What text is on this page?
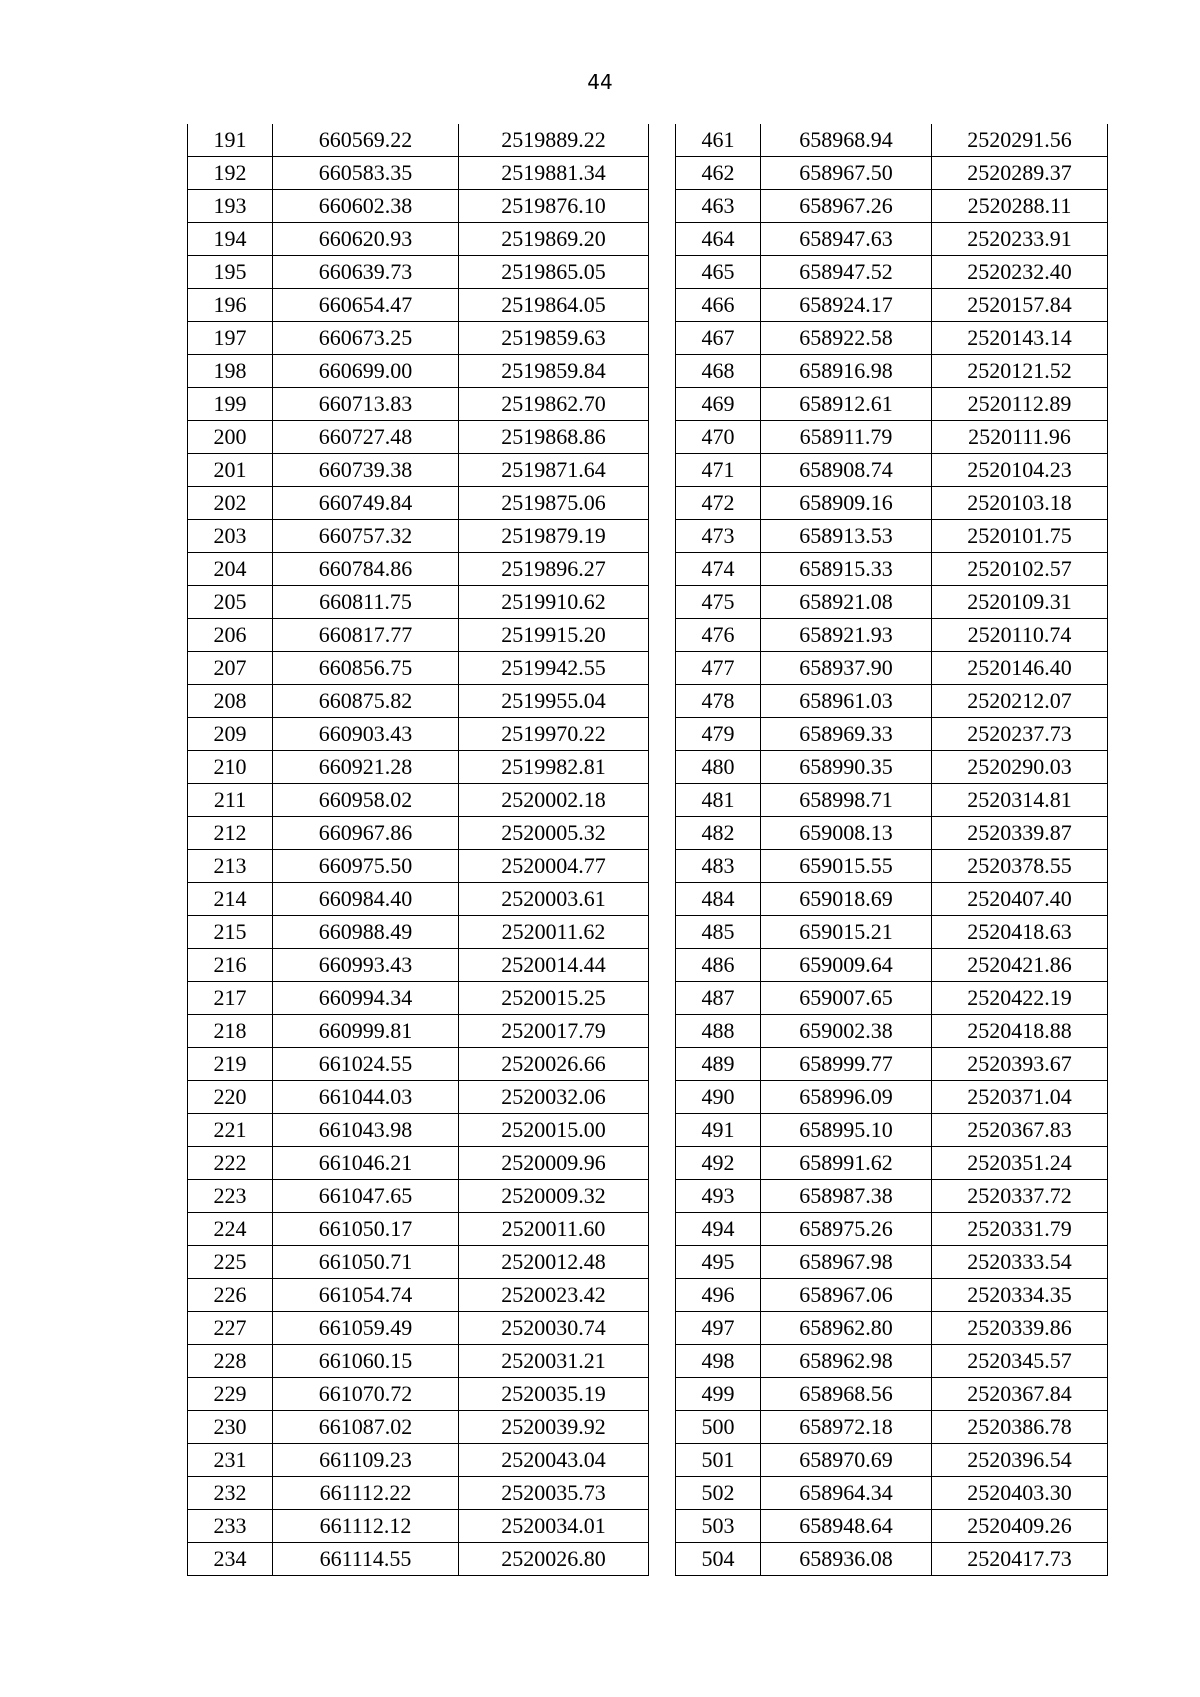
44
191	660569.22	2519889.22
192	660583.35	2519881.34
193	660602.38	2519876.10
194	660620.93	2519869.20
195	660639.73	2519865.05
196	660654.47	2519864.05
197	660673.25	2519859.63
198	660699.00	2519859.84
199	660713.83	2519862.70
200	660727.48	2519868.86
201	660739.38	2519871.64
202	660749.84	2519875.06
203	660757.32	2519879.19
204	660784.86	2519896.27
205	660811.75	2519910.62
206	660817.77	2519915.20
207	660856.75	2519942.55
208	660875.82	2519955.04
209	660903.43	2519970.22
210	660921.28	2519982.81
211	660958.02	2520002.18
212	660967.86	2520005.32
213	660975.50	2520004.77
214	660984.40	2520003.61
215	660988.49	2520011.62
216	660993.43	2520014.44
217	660994.34	2520015.25
218	660999.81	2520017.79
219	661024.55	2520026.66
220	661044.03	2520032.06
221	661043.98	2520015.00
222	661046.21	2520009.96
223	661047.65	2520009.32
224	661050.17	2520011.60
225	661050.71	2520012.48
226	661054.74	2520023.42
227	661059.49	2520030.74
228	661060.15	2520031.21
229	661070.72	2520035.19
230	661087.02	2520039.92
231	661109.23	2520043.04
232	661112.22	2520035.73
233	661112.12	2520034.01
234	661114.55	2520026.80
461	658968.94	2520291.56
462	658967.50	2520289.37
463	658967.26	2520288.11
464	658947.63	2520233.91
465	658947.52	2520232.40
466	658924.17	2520157.84
467	658922.58	2520143.14
468	658916.98	2520121.52
469	658912.61	2520112.89
470	658911.79	2520111.96
471	658908.74	2520104.23
472	658909.16	2520103.18
473	658913.53	2520101.75
474	658915.33	2520102.57
475	658921.08	2520109.31
476	658921.93	2520110.74
477	658937.90	2520146.40
478	658961.03	2520212.07
479	658969.33	2520237.73
480	658990.35	2520290.03
481	658998.71	2520314.81
482	659008.13	2520339.87
483	659015.55	2520378.55
484	659018.69	2520407.40
485	659015.21	2520418.63
486	659009.64	2520421.86
487	659007.65	2520422.19
488	659002.38	2520418.88
489	658999.77	2520393.67
490	658996.09	2520371.04
491	658995.10	2520367.83
492	658991.62	2520351.24
493	658987.38	2520337.72
494	658975.26	2520331.79
495	658967.98	2520333.54
496	658967.06	2520334.35
497	658962.80	2520339.86
498	658962.98	2520345.57
499	658968.56	2520367.84
500	658972.18	2520386.78
501	658970.69	2520396.54
502	658964.34	2520403.30
503	658948.64	2520409.26
504	658936.08	2520417.73
